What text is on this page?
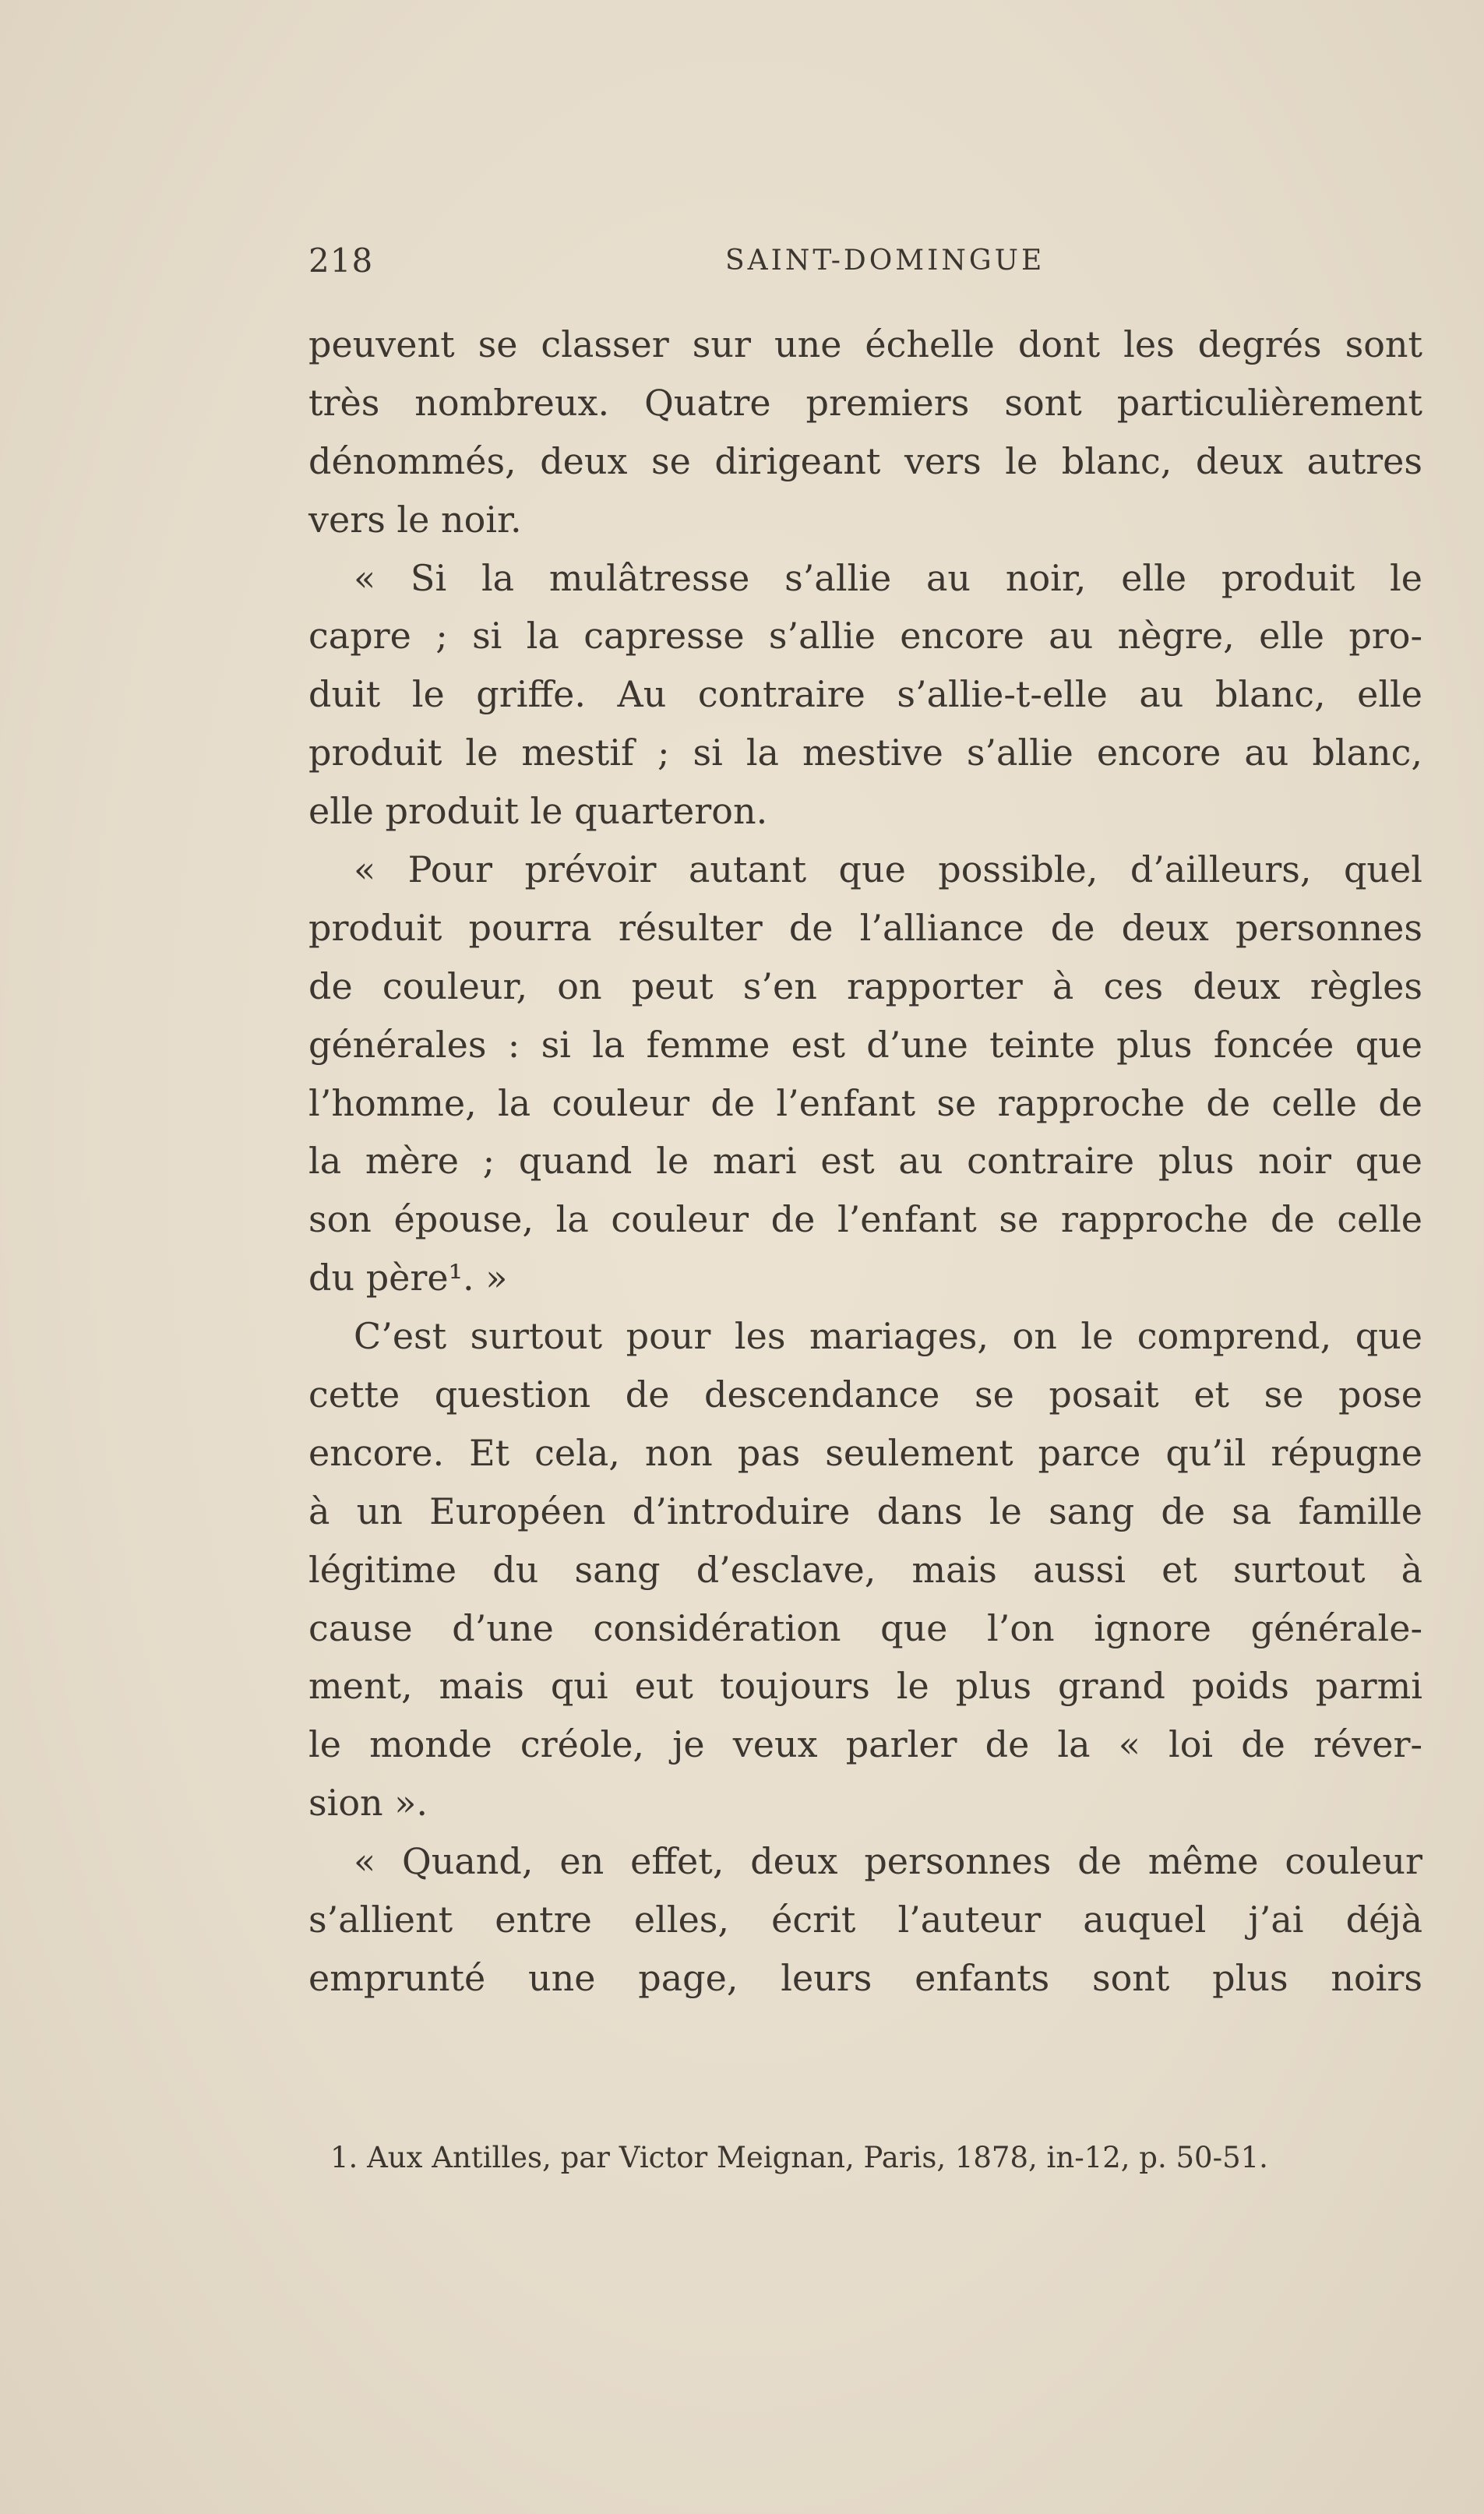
218	SAINT-DOMINGUE
peuvent se classer sur une échelle dont les degrés sont
très nombreux. Quatre premiers sont particulièrement
dénommés, deux se dirigeant vers le blanc, deux autres
vers le noir.
« Si la mulâtresse s’allie au noir, elle produit le
capre ; si la capresse s’allie encore au nègre, elle pro-
duit le griffe. Au contraire s’allie-t-elle au blanc, elle
produit le mestif ; si la mestive s’allie encore au blanc,
elle produit le quarteron.
« Pour prévoir autant que possible, d’ailleurs, quel
produit pourra résulter de l’alliance de deux personnes
de couleur, on peut s’en rapporter à ces deux règles
générales : si la femme est d’une teinte plus foncée que
l’homme, la couleur de l’enfant se rapproche de celle de
la mère ; quand le mari est au contraire plus noir que
son épouse, la couleur de l’enfant se rapproche de celle
du père¹. »
C’est surtout pour les mariages, on le comprend, que
cette question de descendance se posait et se pose
encore. Et cela, non pas seulement parce qu’il répugne
à un Européen d’introduire dans le sang de sa famille
légitime du sang d’esclave, mais aussi et surtout à
cause d’une considération que l’on ignore générale-
ment, mais qui eut toujours le plus grand poids parmi
le monde créole, je veux parler de la « loi de réver-
sion ».
« Quand, en effet, deux personnes de même couleur
s’allient entre elles, écrit l’auteur auquel j’ai déjà
emprunté une page, leurs enfants sont plus noirs
1. Aux Antilles, par Victor Meignan, Paris, 1878, in-12, p. 50-51.
